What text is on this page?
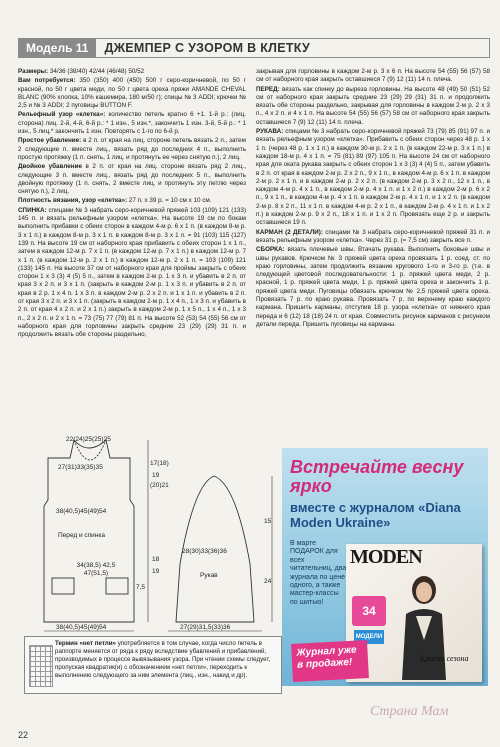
Модель 11	ДЖЕМПЕР С УЗОРОМ В КЛЕТКУ

Размеры: 34/36 (38/40) 42/44 (46/48) 50/52

Вам потребуется: 350 (350) 400 (450) 500 г серо-коричневой, по 50 г красной, по 50 г цвета меди, по 50 г цвета ореха пряжи AMANDE CHEVAL BLANC (90% хлопка, 10% кашемира, 180 м/50 г); спицы № 3 ADDI; крючки № 2,5 и № 3 ADDI; 2 пуговицы BUTTON F.

Рельефный узор «клетка»: количество петель кратно 6 +1. 1-й р.: (лиц. сторона) лиц. 2-й, 4-й, 6-й р.: * 1 изн., 5 изн.*, закончить 1 изн. 3-й, 5-й р.: * 1 изн., 5 лиц.* закончить 1 изн. Повторять с 1-го по 6-й р.

Простое убавление: в 2 п. от края на лиц. стороне петель вязать 2 п., затем 2 следующие п. вместе лиц., вязать ряд до последних 4 п., выполнить простую протяжку (1 п. снять, 1 лиц. и протянуть ее через снятую п.), 2 лиц.

Двойное убавление в 2 п. от края на лиц. стороне вязать ряд 2 лиц., следующие 3 п. вместе лиц., вязать ряд до последних 5 п., выполнить двойную протяжку (1 п. снять, 2 вместе лиц. и протянуть эту петлю через снятую п.), 2 лиц.

Плотность вязания, узор «клетка»: 27 п. х 39 р. = 10 см х 10 см.

СПИНКА: спицами № 3 набрать серо-коричневой пряжей 103 (109) 121 (133) 145 п. и вязать рельефным узором «клетка». На высоте 19 см по бокам выполнить прибавки с обеих сторон в каждом 4-м р. 6 х 1 п. (в каждом 8-м р. 3 х 1 п.) в каждом 8-м р. 3 х 1 п. в каждом 8-м р. 3 х 1 п. = 91 (103) 115 (127) 139 п. На высоте 19 см от наборного края прибавить с обеих сторон 1 х 1 п., затем в каждом 12-м р. 7 х 1 п. (в каждом 12-м р. 7 х 1 п.) в каждом 12-м р. 7 х 1 п. (в каждом 12-м р. 2 х 1 п.) в каждом 12-м р. 2 х 1 п. = 103 (109) 121 (133) 145 п. На высоте 37 см от наборного края для проймы закрыть с обеих сторон 1 х 3 (3) 4 (5) 5 п., затем в каждом 2-м р. 1 х 3 п. и убавить в 2 п. от края 3 х 2 п. и 3 х 1 п. (закрыть в каждом 2-м р. 1 х 3 п. и убавить в 2 п. от края в 2 р. 1 х 4 п. 1 х 3 п. в каждом 2-м р. 2 х 2 п. и 1 х 1 п. и убавить в 2 п. от края 3 х 2 п. и 3 х 1 п. (закрыть в каждом 2-м р. 1 х 4 п., 1 х 3 п. и убавить в 2 п. от края 4 х 2 п. и 2 х 1 п.) закрыть в каждом 2-м р. 1 х 5 п., 1 х 4 п., 1 х 3 п., 2 х 2 п. и 2 х 1 п. = 73 (75) 77 (79) 81 п. На высоте 52 (53) 54 (55) 56 см от наборного края для горловины закрыть средние 23 (29) (29) 31 п. и продолжить вязать обе стороны раздельно,

закрывая для горловины в каждом 2-м р. 3 х 6 п. На высоте 54 (55) 56 (57) 58 см от наборного края закрыть оставшиеся 7 (9) 12 (11) 14 п. плеча.

ПЕРЕД: вязать как спинку до выреза горловины. На высоте 48 (49) 50 (51) 52 см от наборного края закрыть средние 23 (29) 29 (31) 31 п. и продолжить вязать обе стороны раздельно, закрывая для горловины в каждом 2-м р. 2 х 3 п., 4 х 2 п. и 4 х 1 п. На высоте 54 (55) 56 (57) 58 см от наборного края закрыть оставшиеся 7 (9) 12 (11) 14 п. плеча.

РУКАВА: спицами № 3 набрать серо-коричневой пряжей 73 (79) 85 (91) 97 п. и вязать рельефным узором «клетка». Прибавить с обеих сторон через 48 р. 1 х 1 п. (через 48 р. 1 х 1 п.) в каждом 30-м р. 2 х 1 п. (в каждом 22-м р. 3 х 1 п.) в каждом 18-м р. 4 х 1 п. = 75 (81) 89 (97) 105 п. На высоте 24 см от наборного края для оката рукава закрыть с обеих сторон 1 х 3 (3) 4 (4) 5 п., затем убавить в 2 п. от края в каждом 2-м р. 2 х 2 п., 9 х 1 п., в каждом 4-м р. 6 х 1 п. в каждом 2-м р. 2 х 1 п. и в каждом 2-м р. 2 х 2 п. (в каждом 2-м р. 3 х 2 п., 12 х 1 п., в каждом 4-м р. 4 х 1 п., в каждом 2-м р. 4 х 1 п. и 1 х 2 п.) в каждом 2-м р. 6 х 2 п., 9 х 1 п., в каждом 4-м р. 4 х 1 п. в каждом 2-м р. 4 х 1 п. и 1 х 2 п. (в каждом 2-м р. 8 х 2 п., 11 х 1 п. в каждом 4-м р. 2 х 1 п., в каждом 2-м р. 4 х 1 п. и 1 х 2 п.) в каждом 2-м р. 9 х 2 п., 18 х 1 п. и 1 х 2 п. Провязать еще 2 р. и закрыть оставшиеся 19 п.

КАРМАН (2 ДЕТАЛИ): спицами № 3 набрать серо-коричневой пряжей 31 п. и вязать рельефным узором «клетка». Через 31 р. (= 7,5 см) закрыть все п.

СБОРКА: вязать плечевые швы. Втачать рукава. Выполнить боковые швы и швы рукавов. Крючком № 3 пряжей цвета ореха провязать 1 р. соед. ст. по краю горловины, затем продолжить вязание кругового 1-го и 3-го р. (т.е. в следующей цветовой последовательности: 1 р. пряжей цвета меди, 2 р. красной, 1 р. пряжей цвета меди, 1 р. пряжей цвета ореха и закончить 1 р. пряжей цвета меди. Пуговицы обвязать крючком № 2,5 пряжей цвета ореха. Провязать 7 р. по краю рукава. Провязать 7 р. по верхнему краю каждого кармана. Пришить карманы, отступив 18 р. узора «клетка» от нижнего края переда и 6 (12) 18 (18) 24 п. от края. Совместить рисунок карманов с рисунком детали переда. Пришить пуговицы на карманы.

22(24)25(25)25
27(31)33(35)35
38(40,5)45(49)54
Перед и спинка
34(38,5) 42,5 47(51,5)
38(40,5)45(49)54
17(18)
19
(20)21
18
19
7,5
28(30)33(36)36
Рукав
15
24
27(29)31,5(33)36
Термин «нет петли» употребляется в том случае, когда число петель в раппорте меняется от ряда к ряду вследствие убавлений и прибавлений, производимых в процессе вывязывания узора. При чтении схемы следует, пропуская квадратик(и) с обозначением «нет петли», переходить к выполнению следующего за ним элемента (лиц., изн., накид и др).
Встречайте весну ярко
вместе с журналом «Diana Moden Ukraine»
В марте ПОДАРОК для всех читательниц, два журнала по цене одного, а также мастер-классы по шитью!
MODEN
34
МОДЕЛИ
Краски сезона
Журнал уже в продаже!
Страна Мам
22
